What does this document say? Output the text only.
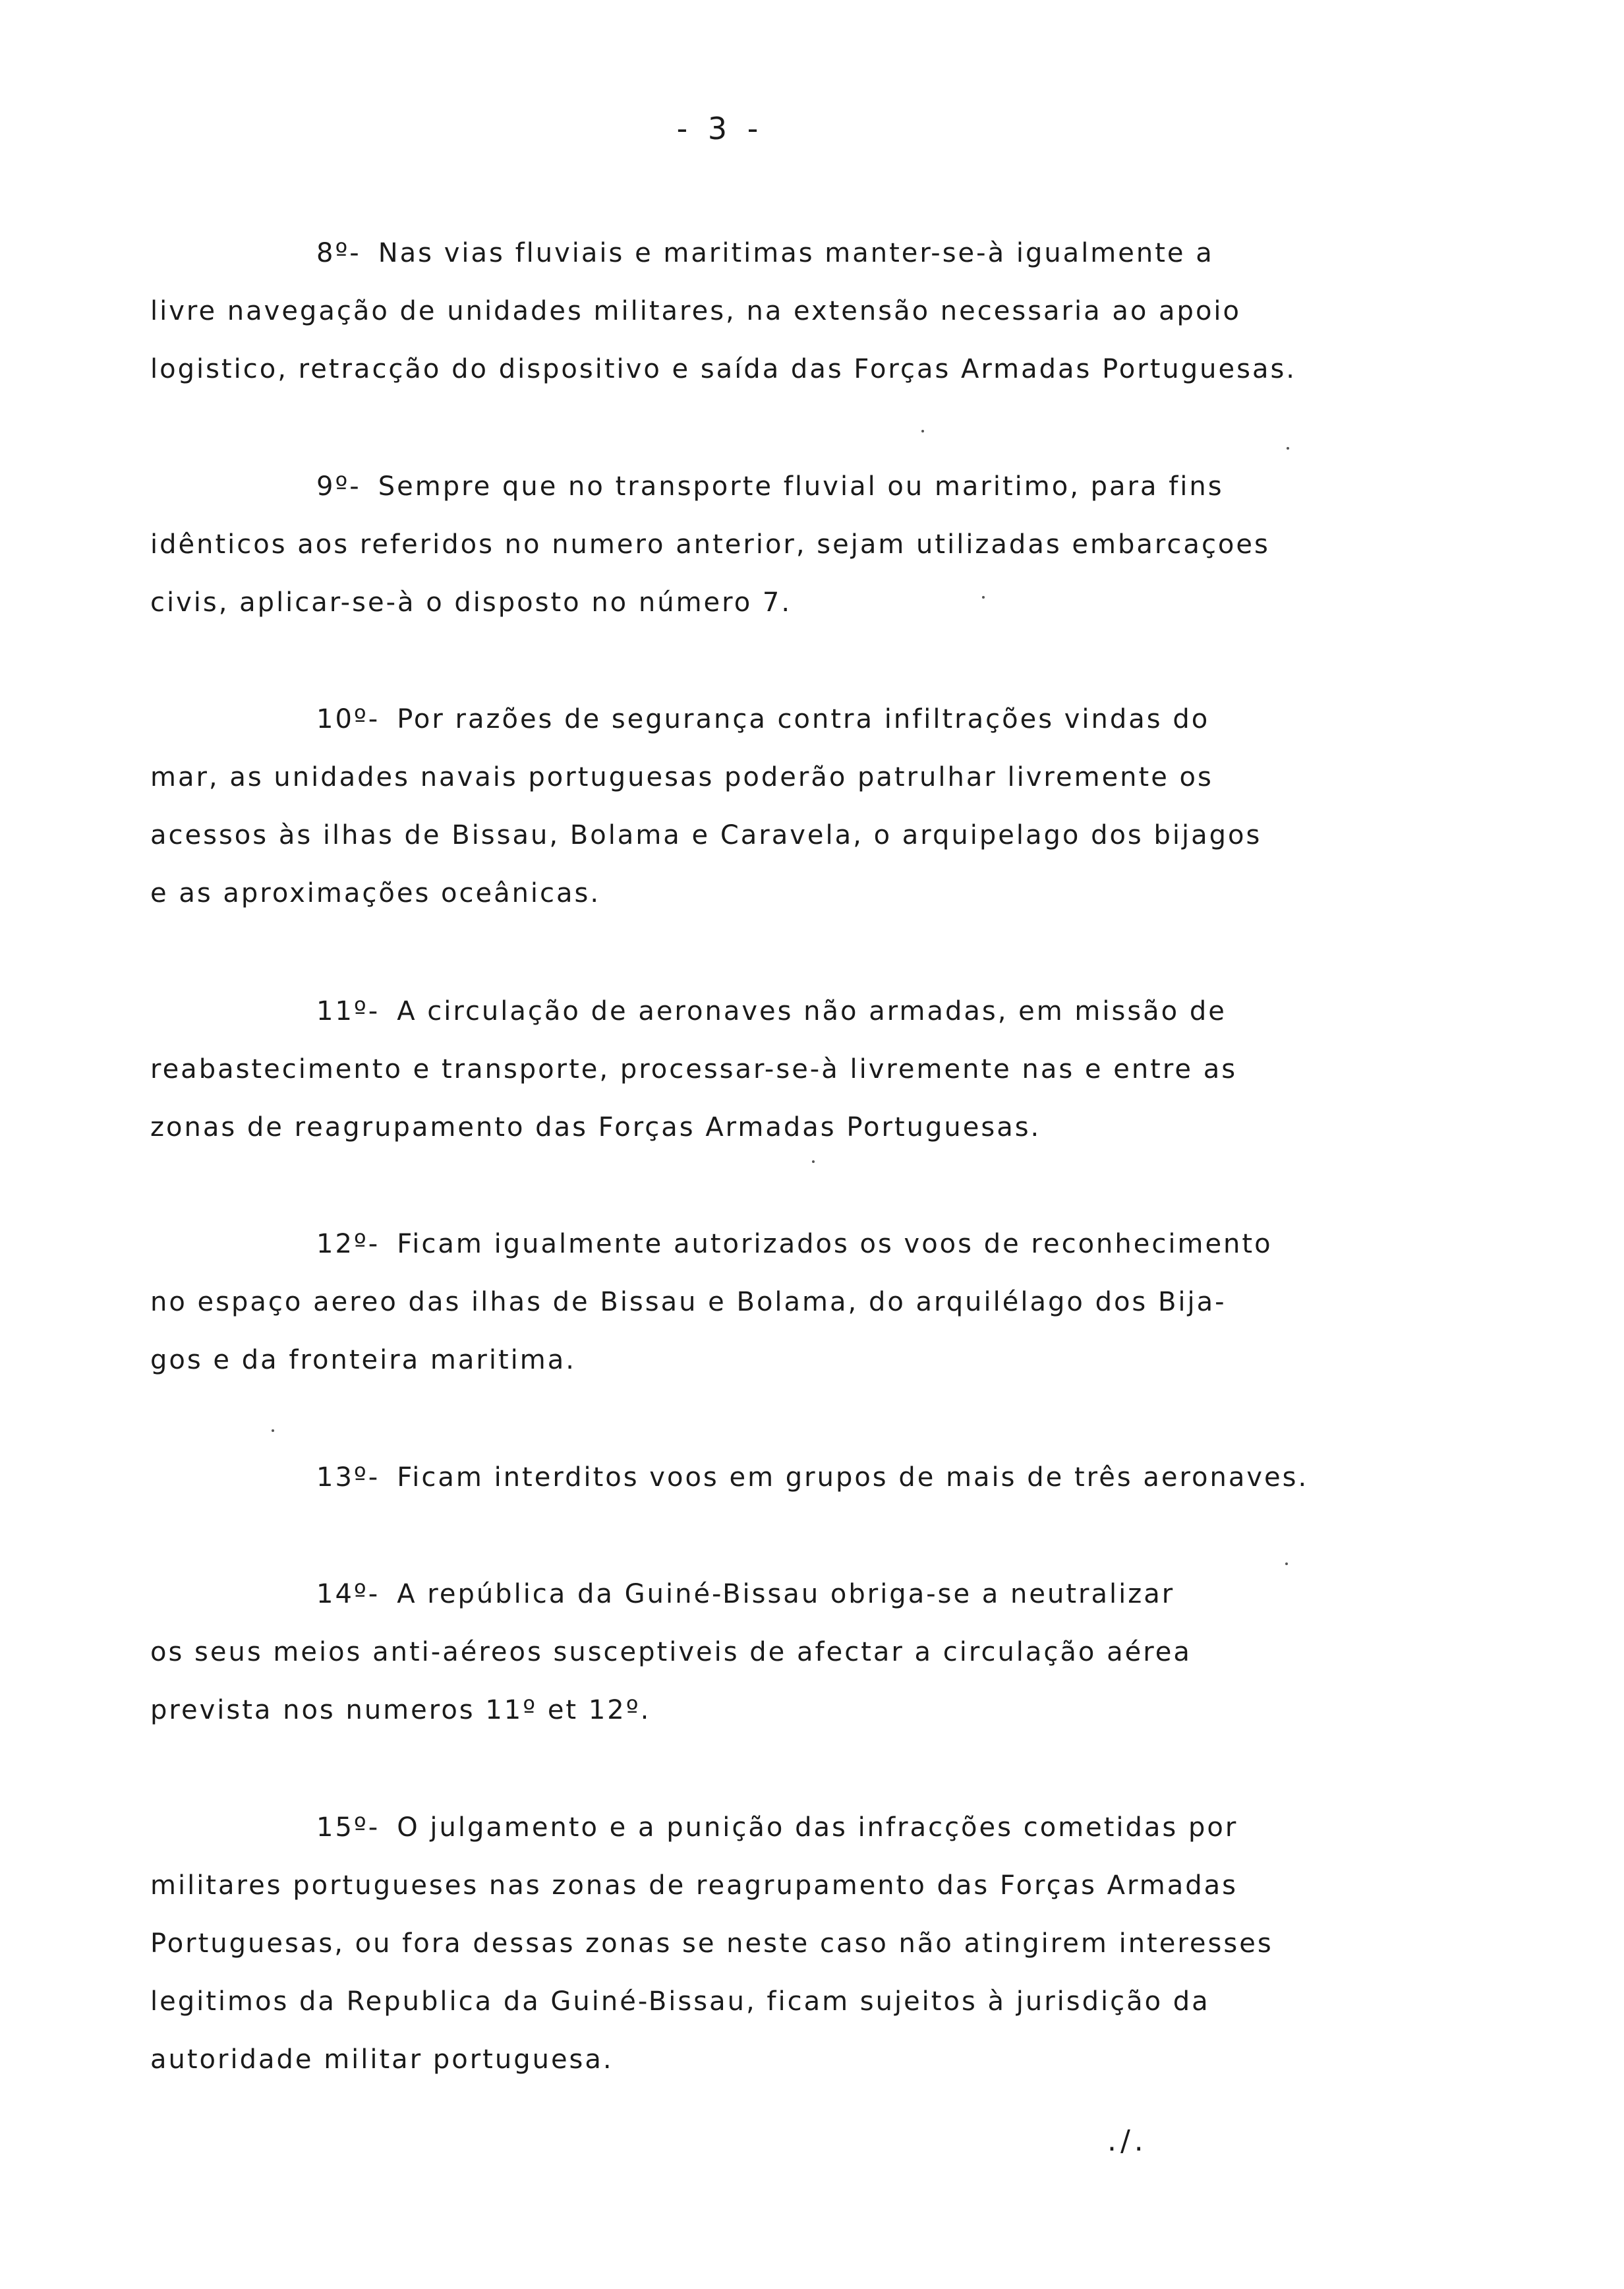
- 3 -
8º- Nas vias fluviais e maritimas manter-se-à igualmente a
livre navegação de unidades militares, na extensão necessaria ao apoio
logistico, retracção do dispositivo e saída das Forças Armadas Portuguesas.
9º- Sempre que no transporte fluvial ou maritimo, para fins
idênticos aos referidos no numero anterior, sejam utilizadas embarcaçoes
civis, aplicar-se-à o disposto no número 7.
10º- Por razões de segurança contra infiltrações vindas do
mar, as unidades navais portuguesas poderão patrulhar livremente os
acessos às ilhas de Bissau, Bolama e Caravela, o arquipelago dos bijagos
e as aproximações oceânicas.
11º- A circulação de aeronaves não armadas, em missão de
reabastecimento e transporte, processar-se-à livremente nas e entre as
zonas de reagrupamento das Forças Armadas Portuguesas.
12º- Ficam igualmente autorizados os voos de reconhecimento
no espaço aereo das ilhas de Bissau e Bolama, do arquilélago dos Bija-
gos e da fronteira maritima.
13º- Ficam interditos voos em grupos de mais de três aeronaves.
14º- A república da Guiné-Bissau obriga-se a neutralizar
os seus meios anti-aéreos susceptiveis de afectar a circulação aérea
prevista nos numeros 11º et 12º.
15º- O julgamento e a punição das infracções cometidas por
militares portugueses nas zonas de reagrupamento das Forças Armadas
Portuguesas, ou fora dessas zonas se neste caso não atingirem interesses
legitimos da Republica da Guiné-Bissau, ficam sujeitos à jurisdição da
autoridade militar portuguesa.
./.
